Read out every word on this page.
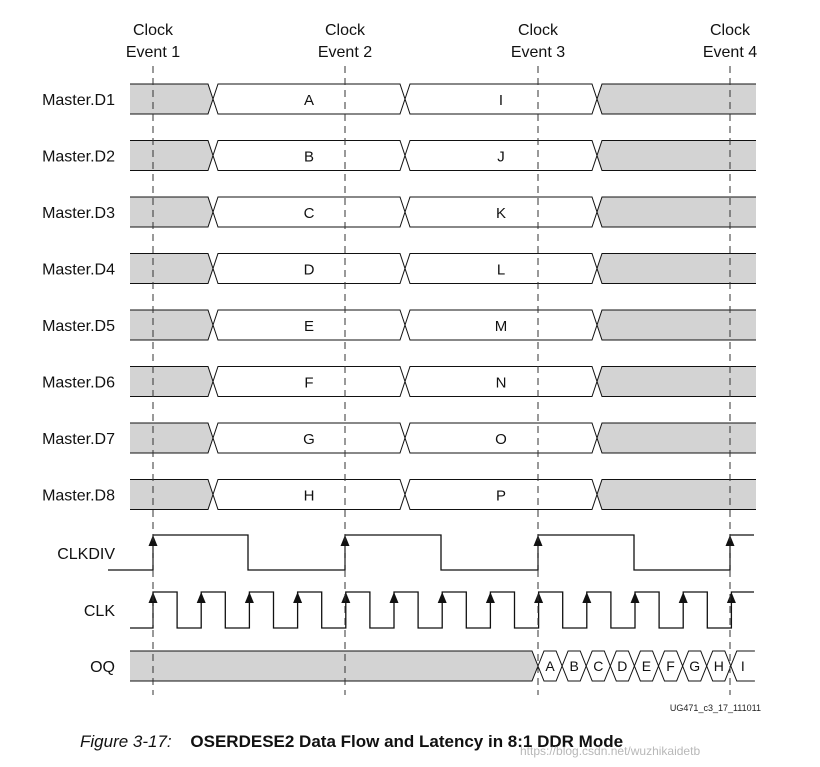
Clock
Event 1
Clock
Event 2
Clock
Event 3
Clock
Event 4
Master.D1	A	I
Master.D2	B	J
Master.D3	C	K
Master.D4	D	L
Master.D5	E	M
Master.D6	F	N
Master.D7	G	O
Master.D8	H	P
CLKDIV
CLK
OQ	A B C D E F G H I
UG471_c3_17_111011
Figure 3-17: OSERDESE2 Data Flow and Latency in 8:1 DDR Mode
https://blog.csdn.net/wuzhikaidetb
